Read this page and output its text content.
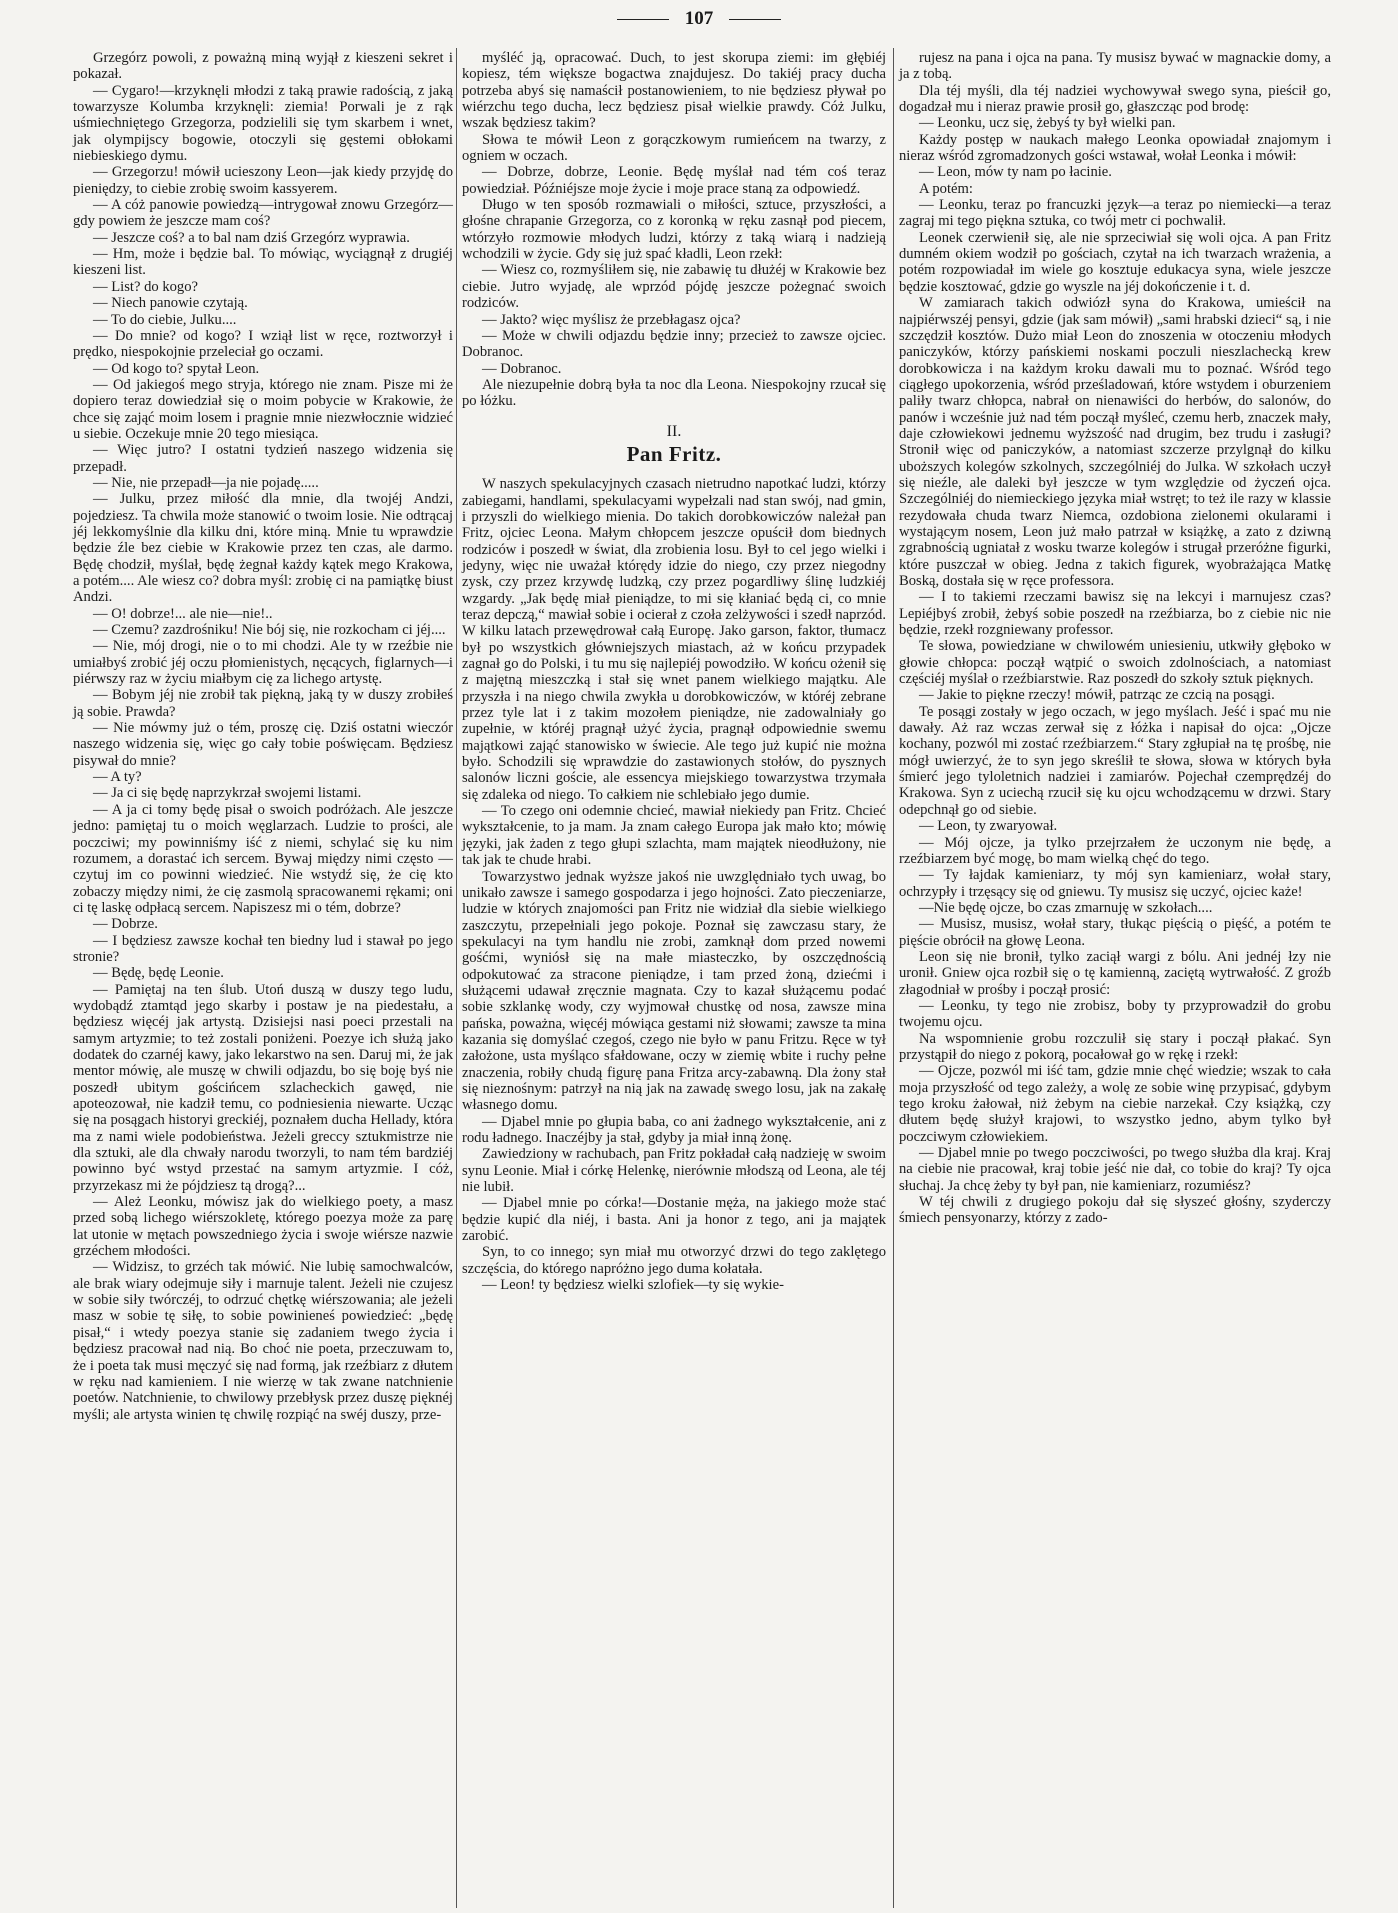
107

Grzegórz powoli, z poważną miną wyjął z kieszeni sekret i pokazał.

— Cygaro!—krzyknęli młodzi z taką prawie radością, z jaką towarzysze Kolumba krzyknęli: ziemia! Porwali je z rąk uśmiechniętego Grzegorza, podzielili się tym skarbem i wnet, jak olympijscy bogowie, otoczyli się gęstemi obłokami niebieskiego dymu.

— Grzegorzu! mówił ucieszony Leon—jak kiedy przyjdę do pieniędzy, to ciebie zrobię swoim kassyerem.

— A cóż panowie powiedzą—intrygował znowu Grzegórz—gdy powiem że jeszcze mam coś?

— Jeszcze coś? a to bal nam dziś Grzegórz wyprawia.

— Hm, może i będzie bal. To mówiąc, wyciągnął z drugiéj kieszeni list.

— List? do kogo?

— Niech panowie czytają.

— To do ciebie, Julku....

— Do mnie? od kogo? I wziął list w ręce, roztworzył i prędko, niespokojnie przeleciał go oczami.

— Od kogo to? spytał Leon.

— Od jakiegoś mego stryja, którego nie znam. Pisze mi że dopiero teraz dowiedział się o moim pobycie w Krakowie, że chce się zająć moim losem i pragnie mnie niezwłocznie widzieć u siebie. Oczekuje mnie 20 tego miesiąca.

— Więc jutro? I ostatni tydzień naszego widzenia się przepadł.

— Nie, nie przepadł—ja nie pojadę.....

— Julku, przez miłość dla mnie, dla twojéj Andzi, pojedziesz. Ta chwila może stanowić o twoim losie. Nie odtrącaj jéj lekkomyślnie dla kilku dni, które miną. Mnie tu wprawdzie będzie źle bez ciebie w Krakowie przez ten czas, ale darmo. Będę chodził, myślał, będę żegnał każdy kątek mego Krakowa, a potém.... Ale wiesz co? dobra myśl: zrobię ci na pamiątkę biust Andzi.

— O! dobrze!... ale nie—nie!..

— Czemu? zazdrośniku! Nie bój się, nie rozkocham ci jéj....

— Nie, mój drogi, nie o to mi chodzi. Ale ty w rzeźbie nie umiałbyś zrobić jéj oczu płomienistych, nęcących, figlarnych—i piérwszy raz w życiu miałbym cię za lichego artystę.

— Bobym jéj nie zrobił tak piękną, jaką ty w duszy zrobiłeś ją sobie. Prawda?

— Nie mówmy już o tém, proszę cię. Dziś ostatni wieczór naszego widzenia się, więc go cały tobie poświęcam. Będziesz pisywał do mnie?

— A ty?

— Ja ci się będę naprzykrzał swojemi listami.

— A ja ci tomy będę pisał o swoich podróżach. Ale jeszcze jedno: pamiętaj tu o moich węglarzach. Ludzie to prości, ale poczciwi; my powinniśmy iść z niemi, schylać się ku nim rozumem, a dorastać ich sercem. Bywaj między nimi często — czytuj im co powinni wiedzieć. Nie wstydź się, że cię kto zobaczy między nimi, że cię zasmolą spracowanemi rękami; oni ci tę laskę odpłacą sercem. Napiszesz mi o tém, dobrze?

— Dobrze.

— I będziesz zawsze kochał ten biedny lud i stawał po jego stronie?

— Będę, będę Leonie.

— Pamiętaj na ten ślub. Utoń duszą w duszy tego ludu, wydobądź ztamtąd jego skarby i postaw je na piedestału, a będziesz więcéj jak artystą. Dzisiejsi nasi poeci przestali na samym artyzmie; to też zostali poniżeni. Poezye ich służą jako dodatek do czarnéj kawy, jako lekarstwo na sen. Daruj mi, że jak mentor mówię, ale muszę w chwili odjazdu, bo się boję byś nie poszedł ubitym gościńcem szlacheckich gawęd, nie apoteozował, nie kadził temu, co podniesienia niewarte. Ucząc się na posągach historyi greckiéj, poznałem ducha Hellady, która ma z nami wiele podobieństwa. Jeżeli greccy sztukmistrze nie dla sztuki, ale dla chwały narodu tworzyli, to nam tém bardziéj powinno być wstyd przestać na samym artyzmie. I cóż, przyrzekasz mi że pójdziesz tą drogą?...

— Ależ Leonku, mówisz jak do wielkiego poety, a masz przed sobą lichego wiérszokletę, którego poezya może za parę lat utonie w mętach powszedniego życia i swoje wiérsze nazwie grzéchem młodości.

— Widzisz, to grzéch tak mówić. Nie lubię samochwalców, ale brak wiary odejmuje siły i marnuje talent. Jeżeli nie czujesz w sobie siły twórczéj, to odrzuć chętkę wiérszowania; ale jeżeli masz w sobie tę siłę, to sobie powinieneś powiedzieć: „będę pisał,“ i wtedy poezya stanie się zadaniem twego życia i będziesz pracował nad nią. Bo choć nie poeta, przeczuwam to, że i poeta tak musi męczyć się nad formą, jak rzeźbiarz z dłutem w ręku nad kamieniem. I nie wierzę w tak zwane natchnienie poetów. Natchnienie, to chwilowy przebłysk przez duszę pięknéj myśli; ale artysta winien tę chwilę rozpiąć na swéj duszy, prze-

myśléć ją, opracować. Duch, to jest skorupa ziemi: im głębiéj kopiesz, tém większe bogactwa znajdujesz. Do takiéj pracy ducha potrzeba abyś się namaścił postanowieniem, to nie będziesz pływał po wiérzchu tego ducha, lecz będziesz pisał wielkie prawdy. Cóż Julku, wszak będziesz takim?

Słowa te mówił Leon z gorączkowym rumieńcem na twarzy, z ogniem w oczach.

— Dobrze, dobrze, Leonie. Będę myślał nad tém coś teraz powiedział. Późniéjsze moje życie i moje prace staną za odpowiedź.

Długo w ten sposób rozmawiali o miłości, sztuce, przyszłości, a głośne chrapanie Grzegorza, co z koronką w ręku zasnął pod piecem, wtórzyło rozmowie młodych ludzi, którzy z taką wiarą i nadzieją wchodzili w życie. Gdy się już spać kładli, Leon rzekł:

— Wiesz co, rozmyśliłem się, nie zabawię tu dłużéj w Krakowie bez ciebie. Jutro wyjadę, ale wprzód pójdę jeszcze pożegnać swoich rodziców.

— Jakto? więc myślisz że przebłagasz ojca?

— Może w chwili odjazdu będzie inny; przecież to zawsze ojciec. Dobranoc.

— Dobranoc.

Ale niezupełnie dobrą była ta noc dla Leona. Niespokojny rzucał się po łóżku.

II.

Pan Fritz.

W naszych spekulacyjnych czasach nietrudno napotkać ludzi, którzy zabiegami, handlami, spekulacyami wypełzali nad stan swój, nad gmin, i przyszli do wielkiego mienia. Do takich dorobkowiczów należał pan Fritz, ojciec Leona. Małym chłopcem jeszcze opuścił dom biednych rodziców i poszedł w świat, dla zrobienia losu. Był to cel jego wielki i jedyny, więc nie uważał którędy idzie do niego, czy przez niegodny zysk, czy przez krzywdę ludzką, czy przez pogardliwy ślinę ludzkiéj wzgardy. „Jak będę miał pieniądze, to mi się kłaniać będą ci, co mnie teraz depczą,“ mawiał sobie i ocierał z czoła zelżywości i szedł naprzód. W kilku latach przewędrował całą Europę. Jako garson, faktor, tłumacz był po wszystkich główniejszych miastach, aż w końcu przypadek zagnał go do Polski, i tu mu się najlepiéj powodziło. W końcu ożenił się z majętną mieszczką i stał się wnet panem wielkiego majątku. Ale przyszła i na niego chwila zwykła u dorobkowiczów, w któréj zebrane przez tyle lat i z takim mozołem pieniądze, nie zadowalniały go zupełnie, w któréj pragnął użyć życia, pragnął odpowiednie swemu majątkowi zająć stanowisko w świecie. Ale tego już kupić nie można było. Schodzili się wprawdzie do zastawionych stołów, do pysznych salonów liczni goście, ale essencya miejskiego towarzystwa trzymała się zdaleka od niego. To całkiem nie schlebiało jego dumie.

— To czego oni odemnie chcieć, mawiał niekiedy pan Fritz. Chcieć wykształcenie, to ja mam. Ja znam całego Europa jak mało kto; mówię języki, jak żaden z tego głupi szlachta, mam majątek nieodłużony, nie tak jak te chude hrabi.

Towarzystwo jednak wyższe jakoś nie uwzględniało tych uwag, bo unikało zawsze i samego gospodarza i jego hojności. Zato pieczeniarze, ludzie w których znajomości pan Fritz nie widział dla siebie wielkiego zaszczytu, przepełniali jego pokoje. Poznał się zawczasu stary, że spekulacyi na tym handlu nie zrobi, zamknął dom przed nowemi gośćmi, wyniósł się na małe miasteczko, by oszczędnością odpokutować za stracone pieniądze, i tam przed żoną, dziećmi i służącemi udawał zręcznie magnata. Czy to kazał służącemu podać sobie szklankę wody, czy wyjmował chustkę od nosa, zawsze mina pańska, poważna, więcéj mówiąca gestami niż słowami; zawsze ta mina kazania się domyślać czegoś, czego nie było w panu Fritzu. Ręce w tył założone, usta myśląco sfałdowane, oczy w ziemię wbite i ruchy pełne znaczenia, robiły chudą figurę pana Fritza arcy-zabawną. Dla żony stał się nieznośnym: patrzył na nią jak na zawadę swego losu, jak na zakałę własnego domu.

— Djabel mnie po głupia baba, co ani żadnego wykształcenie, ani z rodu ładnego. Inaczéjby ja stał, gdyby ja miał inną żonę.

Zawiedziony w rachubach, pan Fritz pokładał całą nadzieję w swoim synu Leonie. Miał i córkę Helenkę, nierównie młodszą od Leona, ale téj nie lubił.

— Djabel mnie po córka!—Dostanie męża, na jakiego może stać będzie kupić dla niéj, i basta. Ani ja honor z tego, ani ja majątek zarobić.

Syn, to co innego; syn miał mu otworzyć drzwi do tego zaklętego szczęścia, do którego napróżno jego duma kołatała.

— Leon! ty będziesz wielki szlofiek—ty się wykie-

rujesz na pana i ojca na pana. Ty musisz bywać w magnackie domy, a ja z tobą.

Dla téj myśli, dla téj nadziei wychowywał swego syna, pieścił go, dogadzał mu i nieraz prawie prosił go, głaszcząc pod brodę:

— Leonku, ucz się, żebyś ty był wielki pan.

Każdy postęp w naukach małego Leonka opowiadał znajomym i nieraz wśród zgromadzonych gości wstawał, wołał Leonka i mówił:

— Leon, mów ty nam po łacinie.

A potém:

— Leonku, teraz po francuzki język—a teraz po niemiecki—a teraz zagraj mi tego piękna sztuka, co twój metr ci pochwalił.

Leonek czerwienił się, ale nie sprzeciwiał się woli ojca. A pan Fritz dumném okiem wodził po gościach, czytał na ich twarzach wrażenia, a potém rozpowiadał im wiele go kosztuje edukacya syna, wiele jeszcze będzie kosztować, gdzie go wyszle na jéj dokończenie i t. d.

W zamiarach takich odwiózł syna do Krakowa, umieścił na najpiérwszéj pensyi, gdzie (jak sam mówił) „sami hrabski dzieci“ są, i nie szczędził kosztów. Dużo miał Leon do znoszenia w otoczeniu młodych paniczyków, którzy pańskiemi noskami poczuli nieszlachecką krew dorobkowicza i na każdym kroku dawali mu to poznać. Wśród tego ciągłego upokorzenia, wśród prześladowań, które wstydem i oburzeniem paliły twarz chłopca, nabrał on nienawiści do herbów, do salonów, do panów i wcześnie już nad tém począł myśleć, czemu herb, znaczek mały, daje człowiekowi jednemu wyższość nad drugim, bez trudu i zasługi? Stronił więc od paniczyków, a natomiast szczerze przylgnął do kilku uboższych kolegów szkolnych, szczególniéj do Julka. W szkołach uczył się nieźle, ale daleki był jeszcze w tym względzie od życzeń ojca. Szczególniéj do niemieckiego języka miał wstręt; to też ile razy w klassie rezydowała chuda twarz Niemca, ozdobiona zielonemi okularami i wystającym nosem, Leon już mało patrzał w książkę, a zato z dziwną zgrabnością ugniatał z wosku twarze kolegów i strugał przeróżne figurki, które puszczał w obieg. Jedna z takich figurek, wyobrażająca Matkę Boską, dostała się w ręce professora.

— I to takiemi rzeczami bawisz się na lekcyi i marnujesz czas? Lepiéjbyś zrobił, żebyś sobie poszedł na rzeźbiarza, bo z ciebie nic nie będzie, rzekł rozgniewany professor.

Te słowa, powiedziane w chwilowém uniesieniu, utkwiły głęboko w głowie chłopca: począł wątpić o swoich zdolnościach, a natomiast częściéj myślał o rzeźbiarstwie. Raz poszedł do szkoły sztuk pięknych.

— Jakie to piękne rzeczy! mówił, patrząc ze czcią na posągi.

Te posągi zostały w jego oczach, w jego myślach. Jeść i spać mu nie dawały. Aż raz wczas zerwał się z łóżka i napisał do ojca: „Ojcze kochany, pozwól mi zostać rzeźbiarzem.“ Stary zgłupiał na tę prośbę, nie mógł uwierzyć, że to syn jego skreślił te słowa, słowa w których była śmierć jego tyloletnich nadziei i zamiarów. Pojechał czemprędzéj do Krakowa. Syn z uciechą rzucił się ku ojcu wchodzącemu w drzwi. Stary odepchnął go od siebie.

— Leon, ty zwaryował.

— Mój ojcze, ja tylko przejrzałem że uczonym nie będę, a rzeźbiarzem być mogę, bo mam wielką chęć do tego.

— Ty łajdak kamieniarz, ty mój syn kamieniarz, wołał stary, ochrzypły i trzęsący się od gniewu. Ty musisz się uczyć, ojciec każe!

—Nie będę ojcze, bo czas zmarnuję w szkołach....

— Musisz, musisz, wołał stary, tłukąc pięścią o pięść, a potém te pięście obrócił na głowę Leona.

Leon się nie bronił, tylko zaciął wargi z bólu. Ani jednéj łzy nie uronił. Gniew ojca rozbił się o tę kamienną, zaciętą wytrwałość. Z groźb złagodniał w prośby i począł prosić:

— Leonku, ty tego nie zrobisz, boby ty przyprowadził do grobu twojemu ojcu.

Na wspomnienie grobu rozczulił się stary i począł płakać. Syn przystąpił do niego z pokorą, pocałował go w rękę i rzekł:

— Ojcze, pozwól mi iść tam, gdzie mnie chęć wiedzie; wszak to cała moja przyszłość od tego zależy, a wolę ze sobie winę przypisać, gdybym tego kroku żałował, niż żebym na ciebie narzekał. Czy książką, czy dłutem będę służył krajowi, to wszystko jedno, abym tylko był poczciwym człowiekiem.

— Djabel mnie po twego poczciwości, po twego służba dla kraj. Kraj na ciebie nie pracował, kraj tobie jeść nie dał, co tobie do kraj? Ty ojca słuchaj. Ja chcę żeby ty był pan, nie kamieniarz, rozumiész?

W téj chwili z drugiego pokoju dał się słyszeć głośny, szyderczy śmiech pensyonarzy, którzy z zado-
